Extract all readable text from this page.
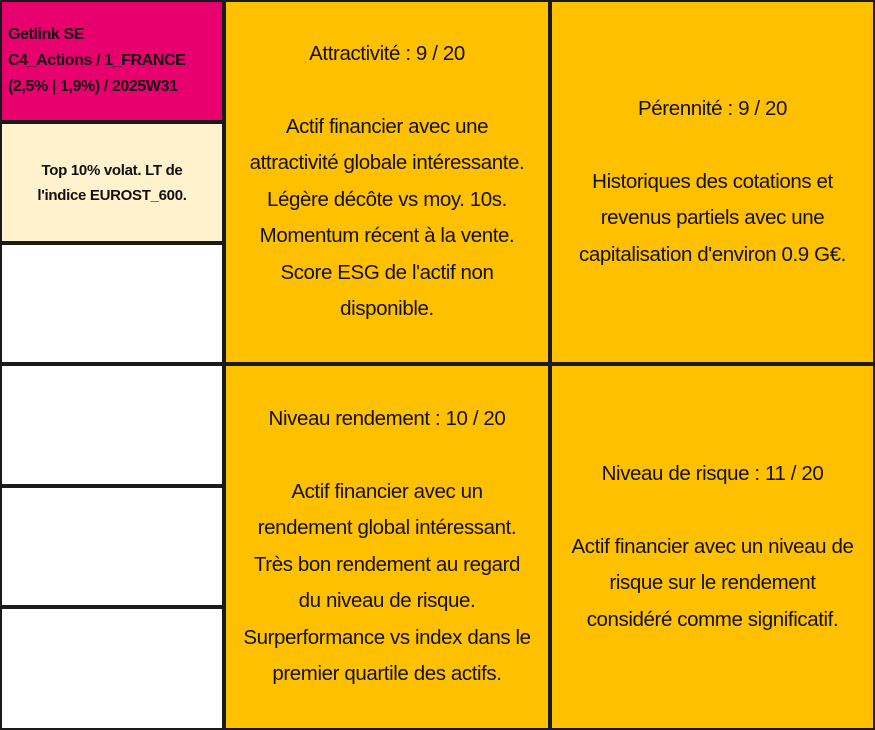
Getlink SE
C4_Actions / 1_FRANCE
(2,5% | 1,9%) / 2025W31
Top 10% volat. LT de
l'indice EUROST_600.
Attractivité : 9 / 20
Actif financier avec une
attractivité globale intéressante.
Légère décôte vs moy. 10s.
Momentum récent à la vente.
Score ESG de l'actif non
disponible.
Pérennité : 9 / 20
Historiques des cotations et
revenus partiels avec une
capitalisation d'environ 0.9 G€.
Niveau rendement : 10 / 20
Actif financier avec un
rendement global intéressant.
Très bon rendement au regard
du niveau de risque.
Surperformance vs index dans le
premier quartile des actifs.
Niveau de risque : 11 / 20
Actif financier avec un niveau de
risque sur le rendement
considéré comme significatif.
